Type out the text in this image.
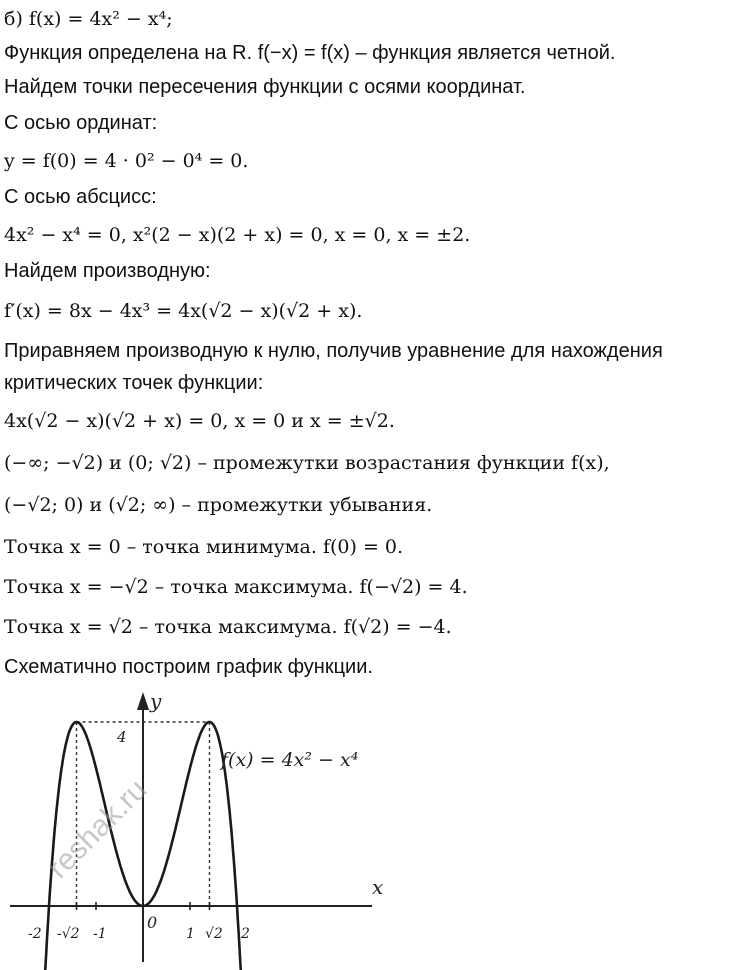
б) f(x) = 4x² − x⁴;
Функция определена на R. f(−x) = f(x) – функция является четной.
Найдем точки пересечения функции с осями координат.
С осью ординат:
y = f(0) = 4 · 0² − 0⁴ = 0.
С осью абсцисс:
4x² − x⁴ = 0, x²(2 − x)(2 + x) = 0, x = 0, x = ±2.
Найдем производную:
f′(x) = 8x − 4x³ = 4x(√2 − x)(√2 + x).
Приравняем производную к нулю, получив уравнение для нахождения
критических точек функции:
4x(√2 − x)(√2 + x) = 0, x = 0 и x = ±√2.
(−∞; −√2) и (0; √2) – промежутки возрастания функции f(x),
(−√2; 0) и (√2; ∞) – промежутки убывания.
Точка x = 0 – точка минимума. f(0) = 0.
Точка x = −√2 – точка максимума. f(−√2) = 4.
Точка x = √2 – точка максимума. f(√2) = −4.
Схематично построим график функции.
y
x
4
0
f(x) = 4x² − x⁴
-2 -√2 -1	1 √2 2
reshak.ru
